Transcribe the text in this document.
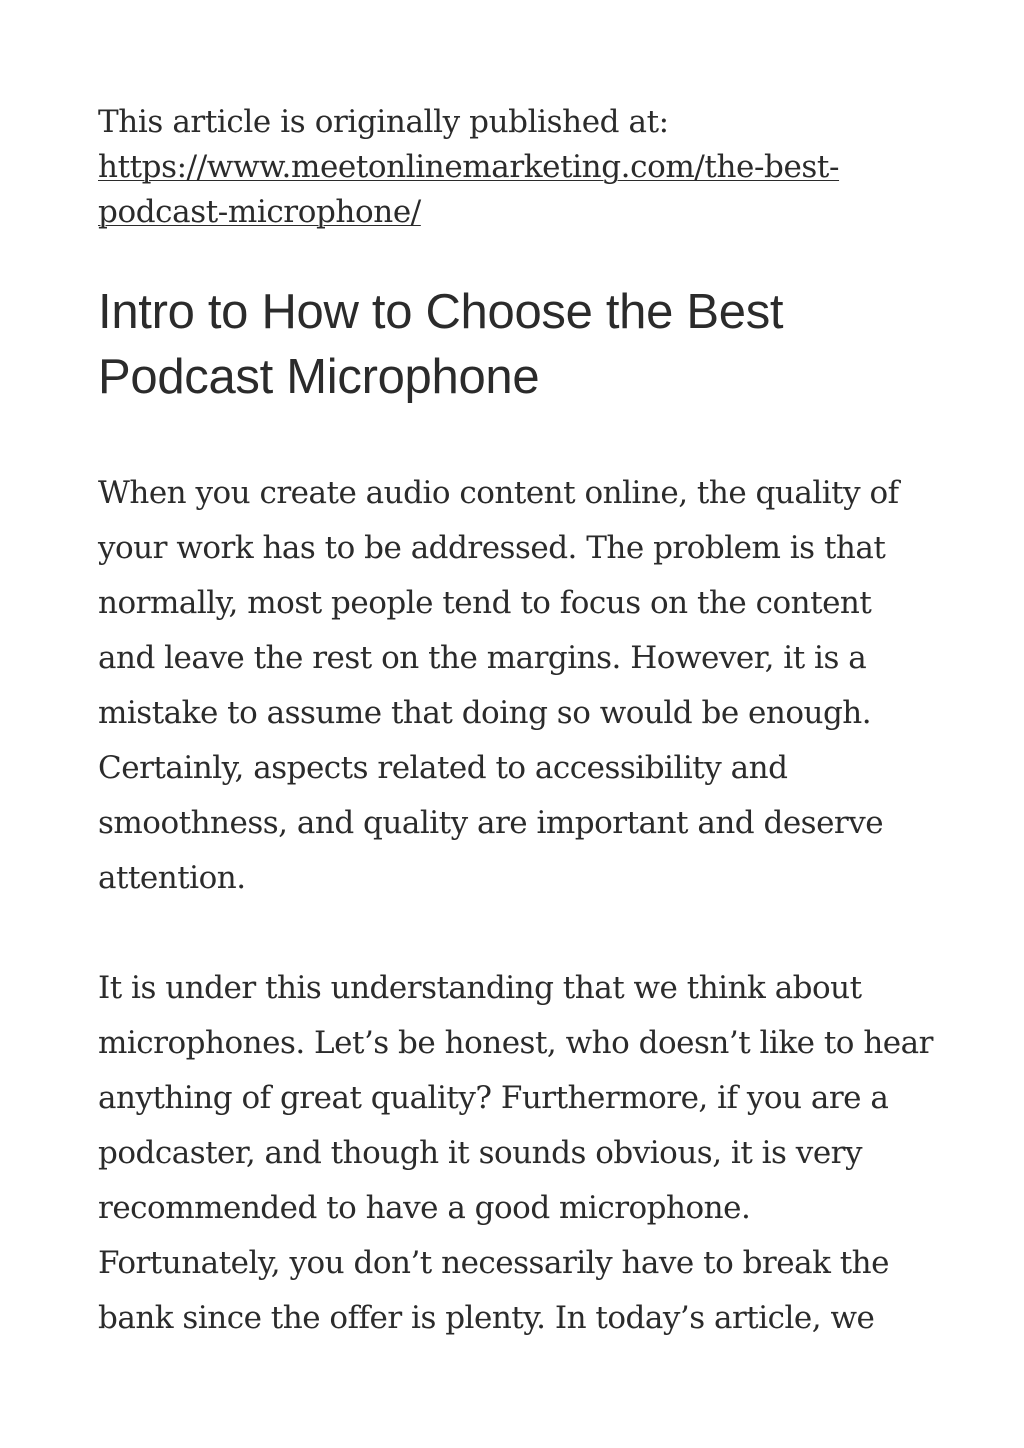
This article is originally published at: https://www.meetonlinemarketing.com/the-best-podcast-microphone/

Intro to How to Choose the Best Podcast Microphone

When you create audio content online, the quality of your work has to be addressed. The problem is that normally, most people tend to focus on the content and leave the rest on the margins. However, it is a mistake to assume that doing so would be enough. Certainly, aspects related to accessibility and smoothness, and quality are important and deserve attention.

It is under this understanding that we think about microphones. Let’s be honest, who doesn’t like to hear anything of great quality? Furthermore, if you are a podcaster, and though it sounds obvious, it is very recommended to have a good microphone. Fortunately, you don’t necessarily have to break the bank since the offer is plenty. In today’s article, we
